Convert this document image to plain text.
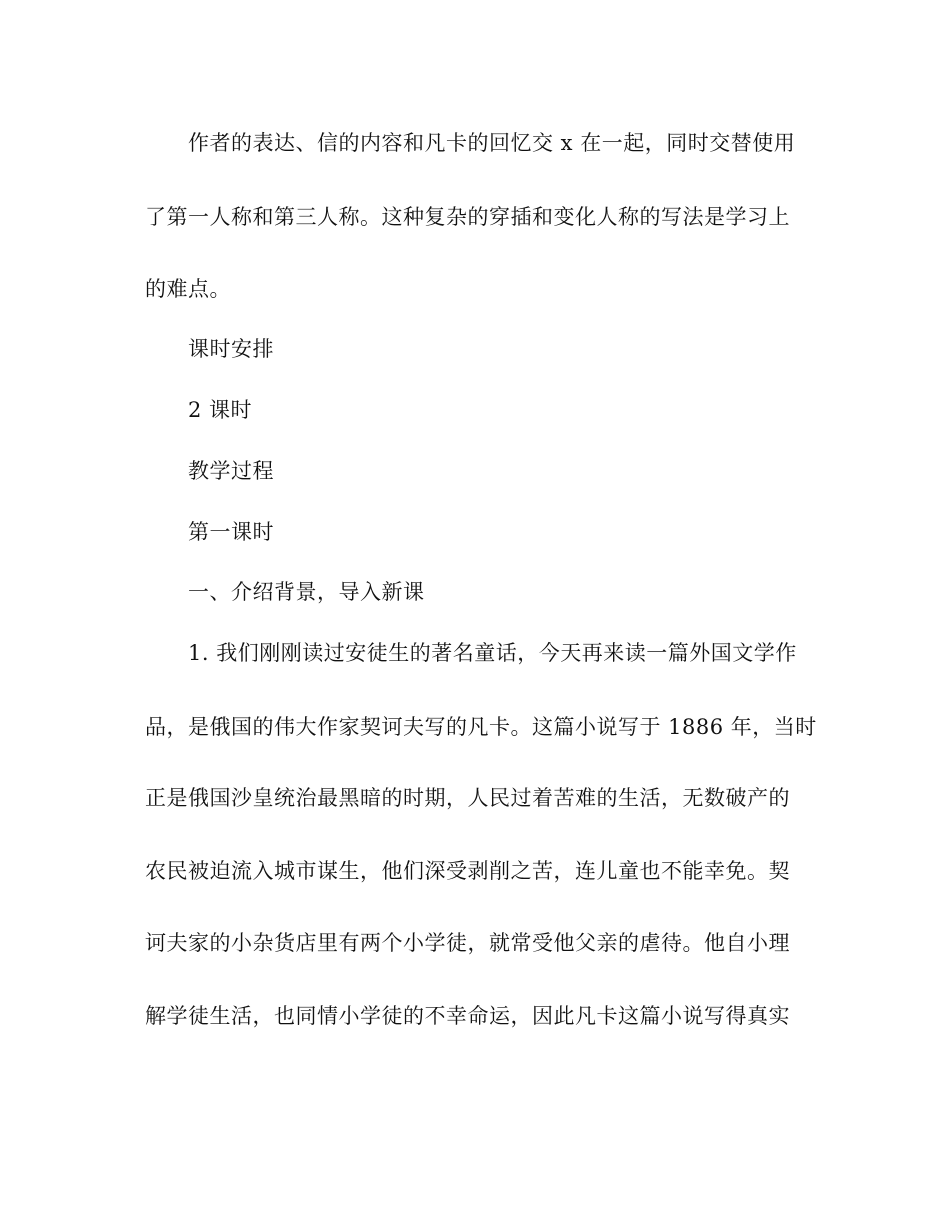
作者的表达、信的内容和凡卡的回忆交 x 在一起，同时交替使用
了第一人称和第三人称。这种复杂的穿插和变化人称的写法是学习上
的难点。
课时安排
2 课时
教学过程
第一课时
一、介绍背景，导入新课
1. 我们刚刚读过安徒生的著名童话，今天再来读一篇外国文学作
品，是俄国的伟大作家契诃夫写的凡卡。这篇小说写于 1886 年，当时
正是俄国沙皇统治最黑暗的时期，人民过着苦难的生活，无数破产的
农民被迫流入城市谋生，他们深受剥削之苦，连儿童也不能幸免。契
诃夫家的小杂货店里有两个小学徒，就常受他父亲的虐待。他自小理
解学徒生活，也同情小学徒的不幸命运，因此凡卡这篇小说写得真实
